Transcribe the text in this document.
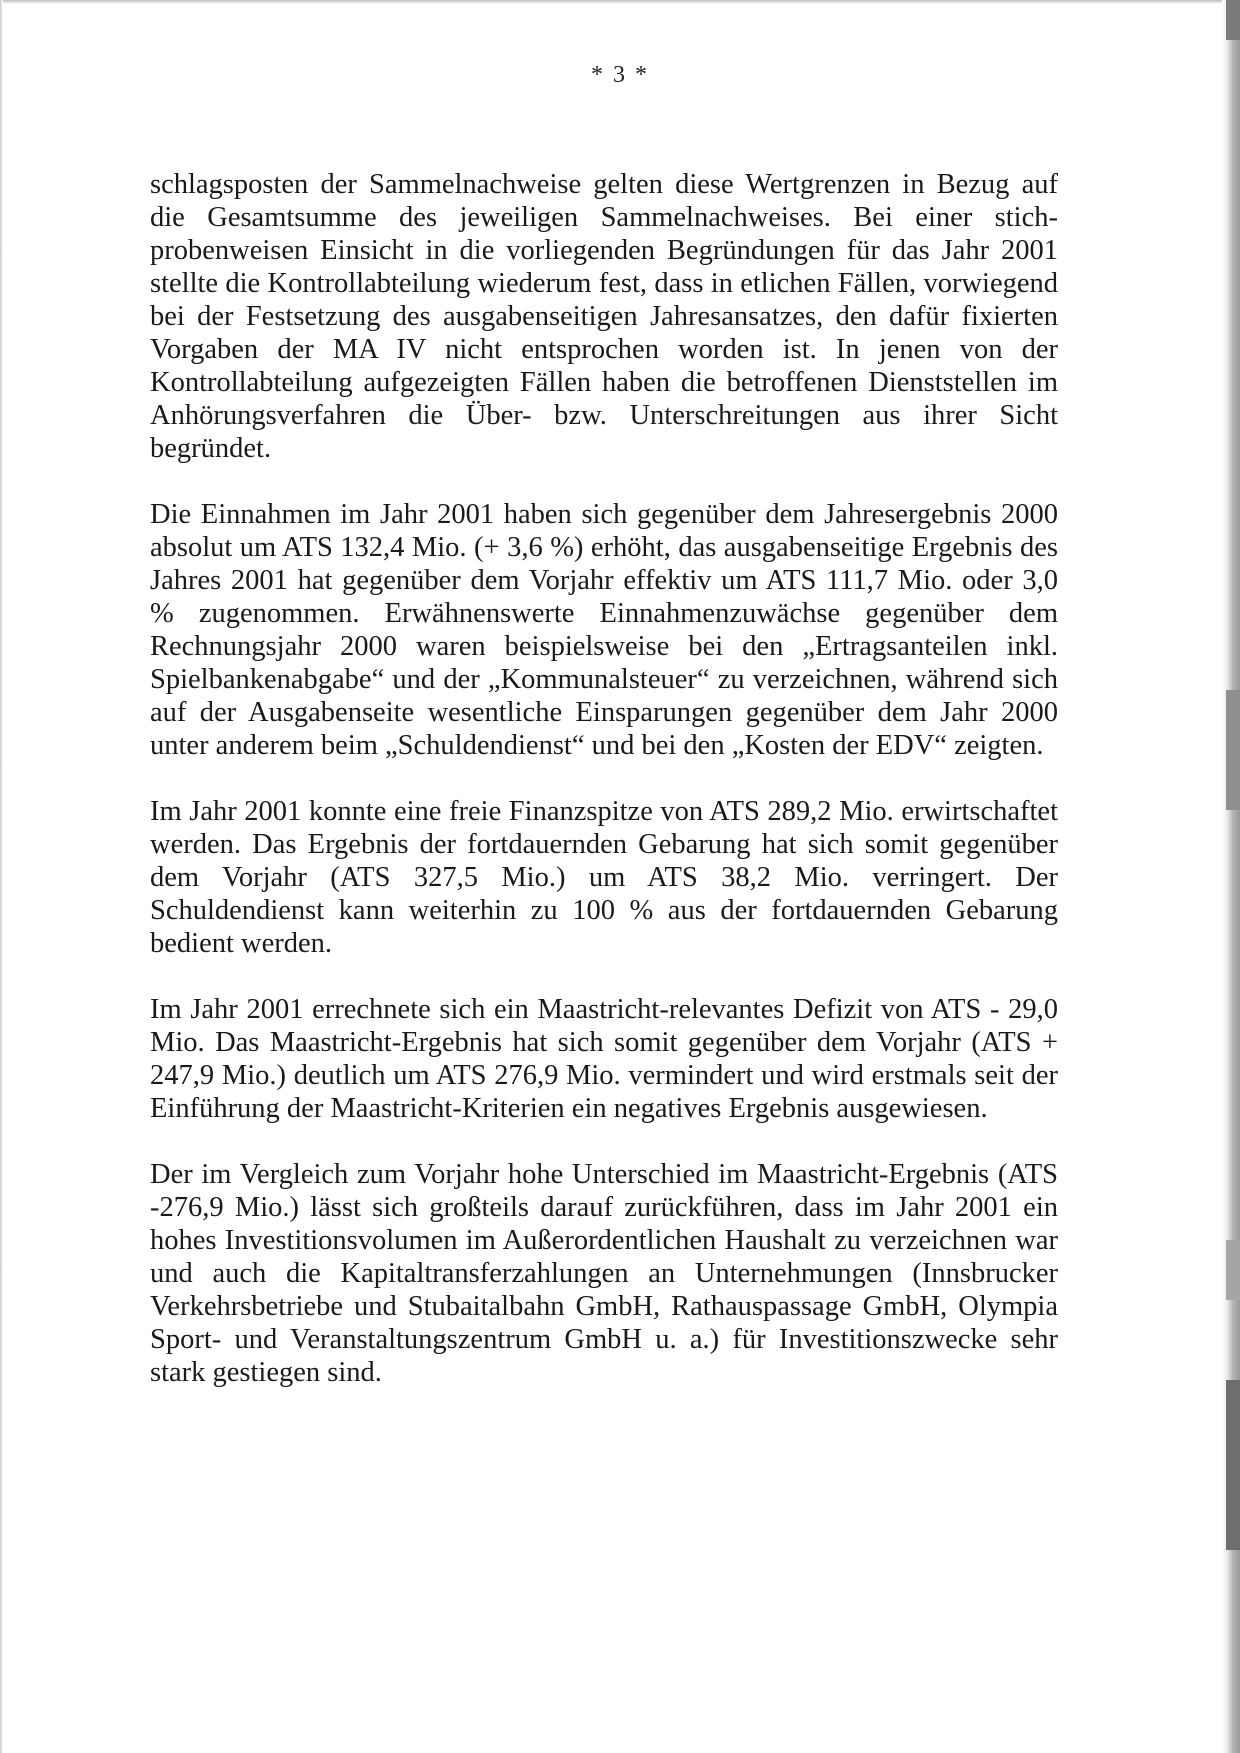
* 3 *

schlagsposten der Sammelnachweise gelten diese Wertgrenzen in Bezug auf die Gesamtsumme des jeweiligen Sammelnachweises. Bei einer stichprobenweisen Einsicht in die vorliegenden Begründungen für das Jahr 2001 stellte die Kontrollabteilung wiederum fest, dass in etlichen Fällen, vorwiegend bei der Festsetzung des ausgabenseitigen Jahresansatzes, den dafür fixierten Vorgaben der MA IV nicht entsprochen worden ist. In jenen von der Kontrollabteilung aufgezeigten Fällen haben die betroffenen Dienststellen im Anhörungsverfahren die Über- bzw. Unterschreitungen aus ihrer Sicht begründet.

Die Einnahmen im Jahr 2001 haben sich gegenüber dem Jahresergebnis 2000 absolut um ATS 132,4 Mio. (+ 3,6 %) erhöht, das ausgabenseitige Ergebnis des Jahres 2001 hat gegenüber dem Vorjahr effektiv um ATS 111,7 Mio. oder 3,0 % zugenommen. Erwähnenswerte Einnahmenzuwächse gegenüber dem Rechnungsjahr 2000 waren beispielsweise bei den „Ertragsanteilen inkl. Spielbankenabgabe“ und der „Kommunalsteuer“ zu verzeichnen, während sich auf der Ausgabenseite wesentliche Einsparungen gegenüber dem Jahr 2000 unter anderem beim „Schuldendienst“ und bei den „Kosten der EDV“ zeigten.

Im Jahr 2001 konnte eine freie Finanzspitze von ATS 289,2 Mio. erwirtschaftet werden. Das Ergebnis der fortdauernden Gebarung hat sich somit gegenüber dem Vorjahr (ATS 327,5 Mio.) um ATS 38,2 Mio. verringert. Der Schuldendienst kann weiterhin zu 100 % aus der fortdauernden Gebarung bedient werden.

Im Jahr 2001 errechnete sich ein Maastricht-relevantes Defizit von ATS - 29,0 Mio. Das Maastricht-Ergebnis hat sich somit gegenüber dem Vorjahr (ATS + 247,9 Mio.) deutlich um ATS 276,9 Mio. vermindert und wird erstmals seit der Einführung der Maastricht-Kriterien ein negatives Ergebnis ausgewiesen.

Der im Vergleich zum Vorjahr hohe Unterschied im Maastricht-Ergebnis (ATS -276,9 Mio.) lässt sich großteils darauf zurückführen, dass im Jahr 2001 ein hohes Investitionsvolumen im Außerordentlichen Haushalt zu verzeichnen war und auch die Kapitaltransferzahlungen an Unternehmungen (Innsbrucker Verkehrsbetriebe und Stubaitalbahn GmbH, Rathauspassage GmbH, Olympia Sport- und Veranstaltungszentrum GmbH u. a.) für Investitionszwecke sehr stark gestiegen sind.
